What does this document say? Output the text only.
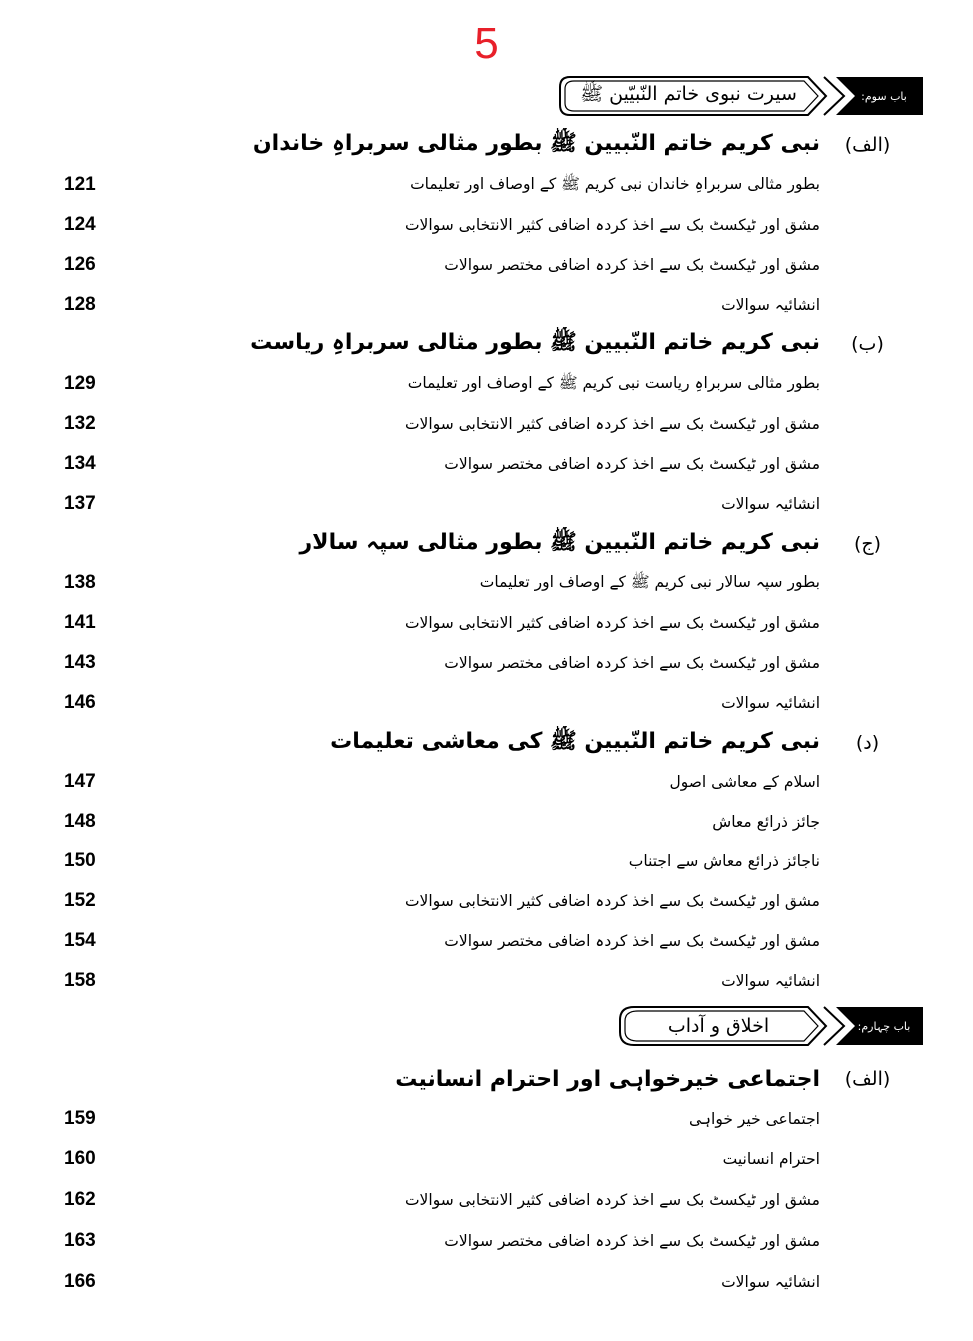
5
سیرت نبوی خاتم النّبیّین ﷺ	باب سوم:
(الف)
نبی کریم خاتم النّبیین ﷺ بطور مثالی سربراہِ خاندان
بطور مثالی سربراہِ خاندان نبی کریم ﷺ کے اوصاف اور تعلیمات
121
مشق اور ٹیکسٹ بک سے اخذ کردہ اضافی کثیر الانتخابی سوالات
124
مشق اور ٹیکسٹ بک سے اخذ کردہ اضافی مختصر سوالات
126
انشائیہ سوالات
128
(ب)
نبی کریم خاتم النّبیین ﷺ بطور مثالی سربراہِ ریاست
بطور مثالی سربراہِ ریاست نبی کریم ﷺ کے اوصاف اور تعلیمات
129
مشق اور ٹیکسٹ بک سے اخذ کردہ اضافی کثیر الانتخابی سوالات
132
مشق اور ٹیکسٹ بک سے اخذ کردہ اضافی مختصر سوالات
134
انشائیہ سوالات
137
(ج)
نبی کریم خاتم النّبیین ﷺ بطور مثالی سپہ سالار
بطور سپہ سالار نبی کریم ﷺ کے اوصاف اور تعلیمات
138
مشق اور ٹیکسٹ بک سے اخذ کردہ اضافی کثیر الانتخابی سوالات
141
مشق اور ٹیکسٹ بک سے اخذ کردہ اضافی مختصر سوالات
143
انشائیہ سوالات
146
(د)
نبی کریم خاتم النّبیین ﷺ کی معاشی تعلیمات
اسلام کے معاشی اصول
147
جائز ذرائع معاش
148
ناجائز ذرائع معاش سے اجتناب
150
مشق اور ٹیکسٹ بک سے اخذ کردہ اضافی کثیر الانتخابی سوالات
152
مشق اور ٹیکسٹ بک سے اخذ کردہ اضافی مختصر سوالات
154
انشائیہ سوالات
158
اخلاق و آداب	باب چہارم:
(الف)
اجتماعی خیرخواہی اور احترام انسانیت
اجتماعی خیر خواہی
159
احترام انسانیت
160
مشق اور ٹیکسٹ بک سے اخذ کردہ اضافی کثیر الانتخابی سوالات
162
مشق اور ٹیکسٹ بک سے اخذ کردہ اضافی مختصر سوالات
163
انشائیہ سوالات
166
